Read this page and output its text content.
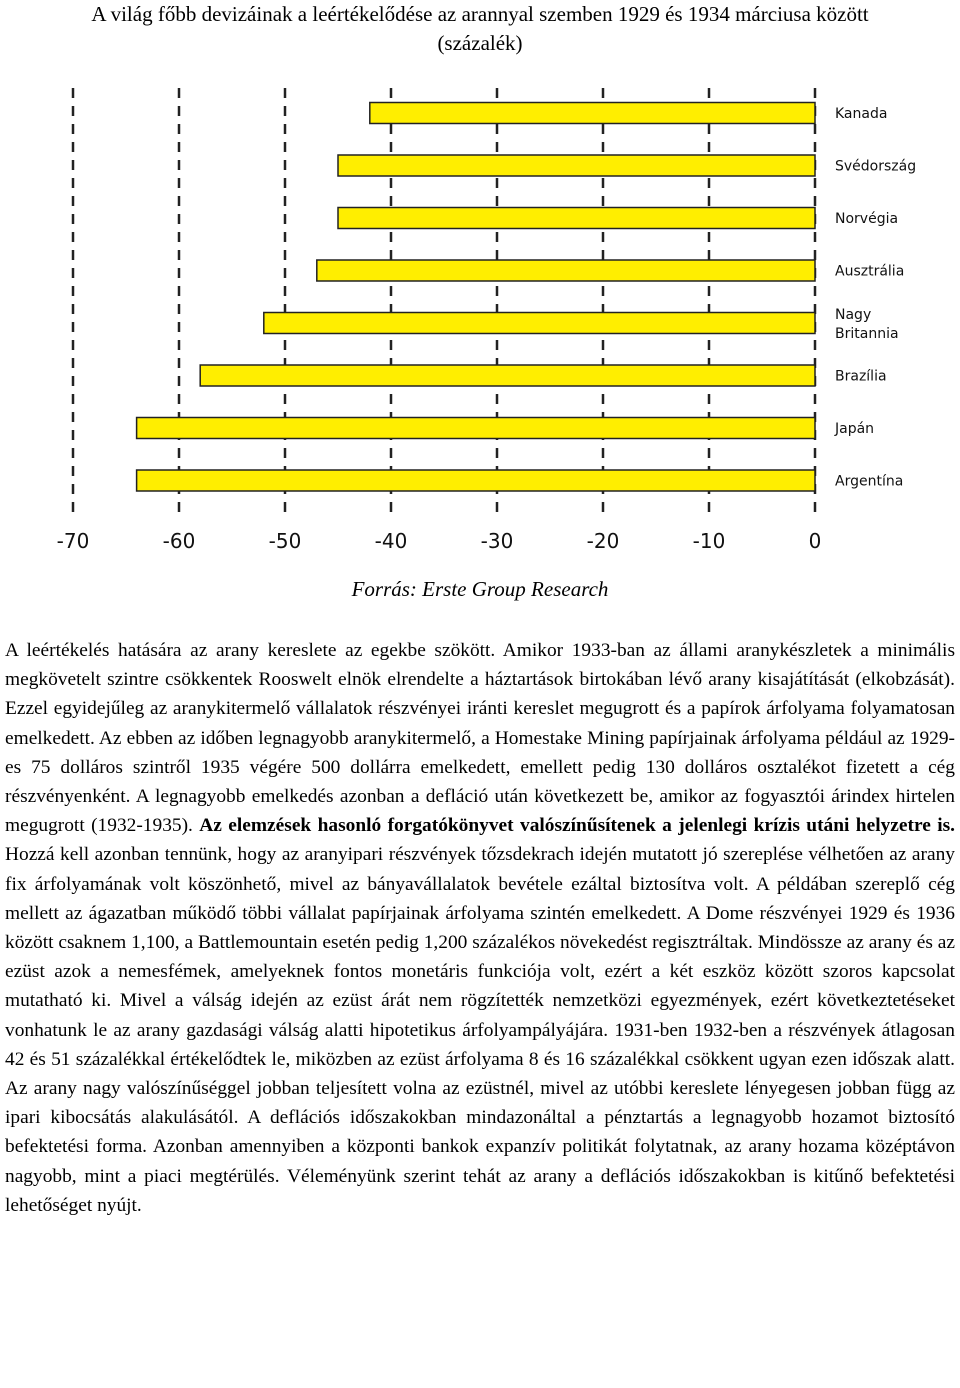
A világ főbb devizáinak a leértékelődése az arannyal szemben 1929 és 1934 márciusa között
(százalék)
Kanada
Svédország
Norvégia
Ausztrália
Nagy Britannia
Brazília
Japán
Argentína
-70	-60	-50	-40	-30	-20	-10	0
Forrás: Erste Group Research

A leértékelés hatására az arany kereslete az egekbe szökött. Amikor 1933-ban az állami aranykészletek a minimális megkövetelt szintre csökkentek Rooswelt elnök elrendelte a háztartások birtokában lévő arany kisajátítását (elkobzását). Ezzel egyidejűleg az aranykitermelő vállalatok részvényei iránti kereslet megugrott és a papírok árfolyama folyamatosan emelkedett. Az ebben az időben legnagyobb aranykitermelő, a Homestake Mining papírjainak árfolyama például az 1929-es 75 dolláros szintről 1935 végére 500 dollárra emelkedett, emellett pedig 130 dolláros osztalékot fizetett a cég részvényenként. A legnagyobb emelkedés azonban a defláció után következett be, amikor az fogyasztói árindex hirtelen megugrott (1932-1935). Az elemzések hasonló forgatókönyvet valószínűsítenek a jelenlegi krízis utáni helyzetre is. Hozzá kell azonban tennünk, hogy az aranyipari részvények tőzsdekrach idején mutatott jó szereplése vélhetően az arany fix árfolyamának volt köszönhető, mivel az bányavállalatok bevétele ezáltal biztosítva volt. A példában szereplő cég mellett az ágazatban működő többi vállalat papírjainak árfolyama szintén emelkedett. A Dome részvényei 1929 és 1936 között csaknem 1,100, a Battlemountain esetén pedig 1,200 százalékos növekedést regisztráltak. Mindössze az arany és az ezüst azok a nemesfémek, amelyeknek fontos monetáris funkciója volt, ezért a két eszköz között szoros kapcsolat mutatható ki. Mivel a válság idején az ezüst árát nem rögzítették nemzetközi egyezmények, ezért következtetéseket vonhatunk le az arany gazdasági válság alatti hipotetikus árfolyampályájára. 1931-ben 1932-ben a részvények átlagosan 42 és 51 százalékkal értékelődtek le, miközben az ezüst árfolyama 8 és 16 százalékkal csökkent ugyan ezen időszak alatt. Az arany nagy valószínűséggel jobban teljesített volna az ezüstnél, mivel az utóbbi kereslete lényegesen jobban függ az ipari kibocsátás alakulásától. A deflációs időszakokban mindazonáltal a pénztartás a legnagyobb hozamot biztosító befektetési forma. Azonban amennyiben a központi bankok expanzív politikát folytatnak, az arany hozama középtávon nagyobb, mint a piaci megtérülés. Véleményünk szerint tehát az arany a deflációs időszakokban is kitűnő befektetési lehetőséget nyújt.
